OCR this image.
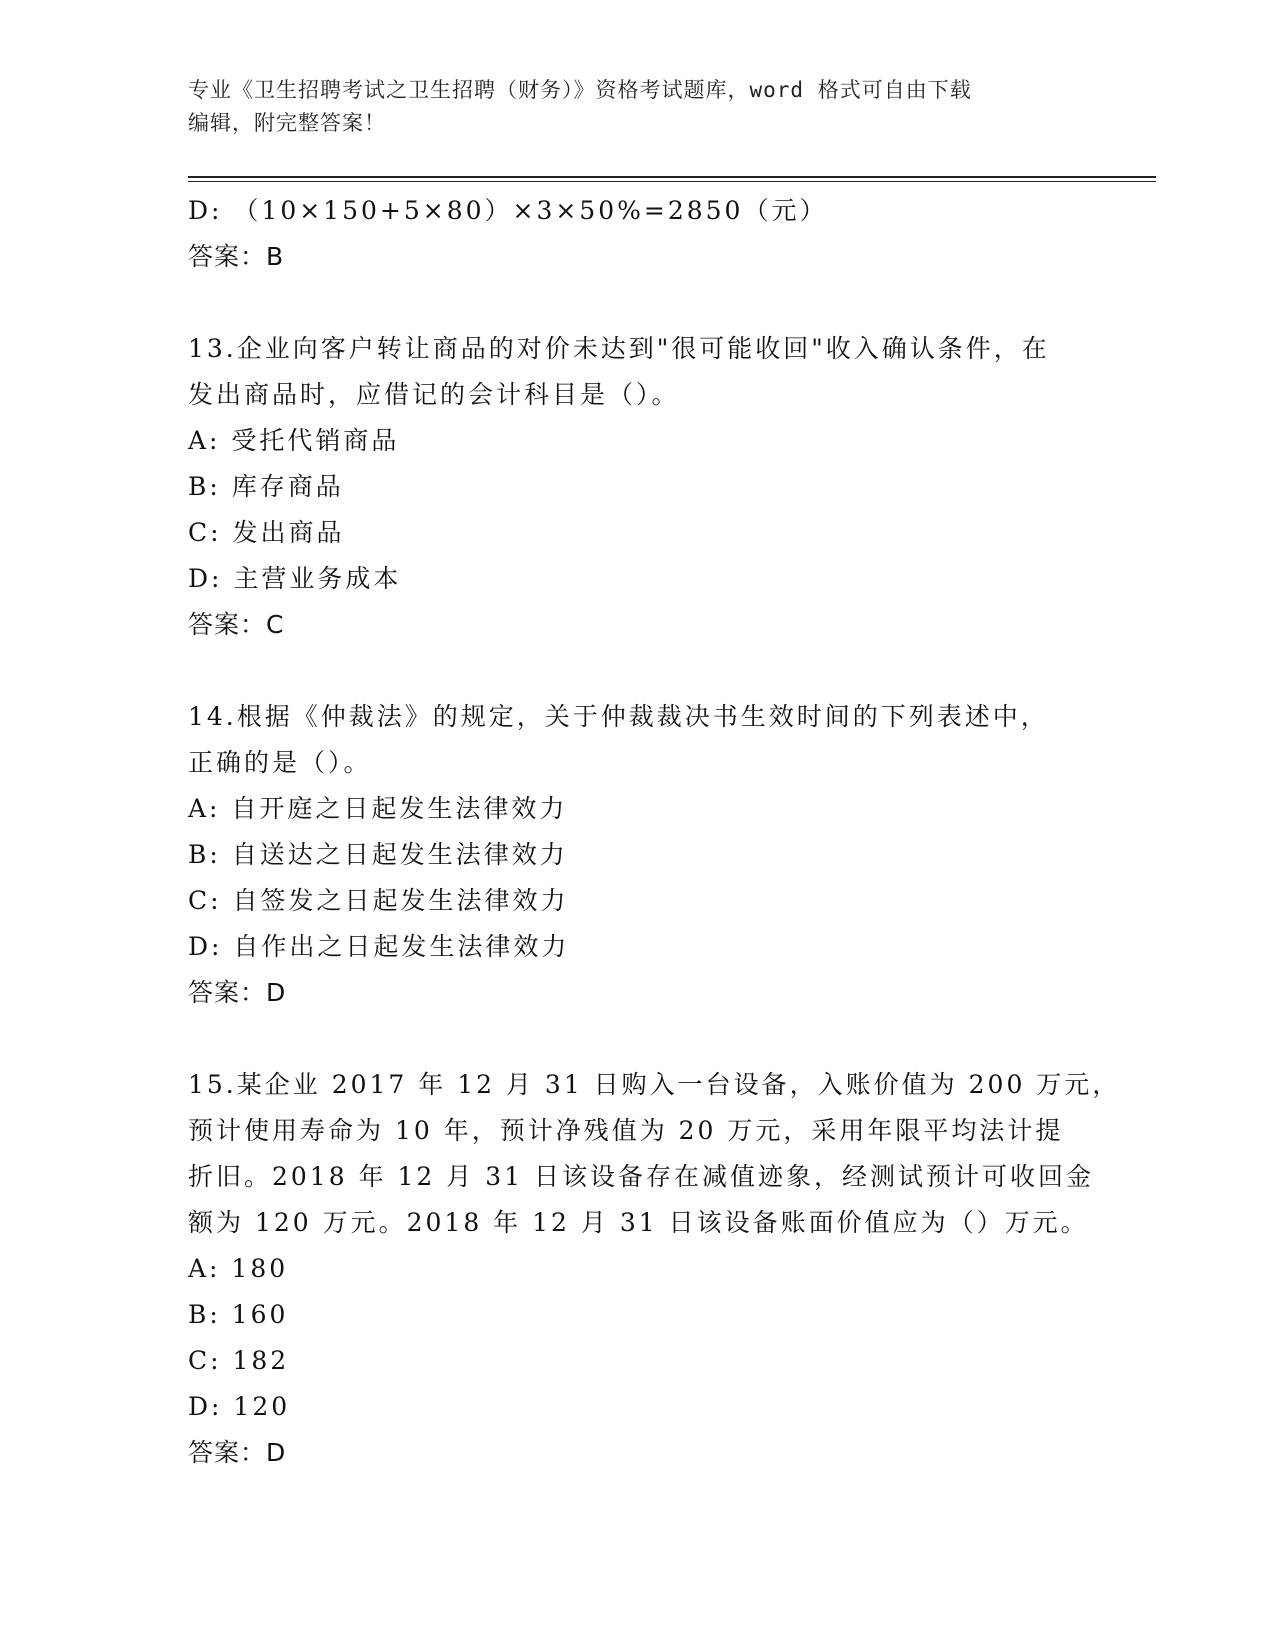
专业《卫生招聘考试之卫生招聘（财务）》资格考试题库，word 格式可自由下载
编辑，附完整答案！
D: （10×150+5×80）×3×50%=2850（元）
答案：B
13.企业向客户转让商品的对价未达到"很可能收回"收入确认条件，在
发出商品时，应借记的会计科目是（）。
A: 受托代销商品
B: 库存商品
C: 发出商品
D: 主营业务成本
答案：C
14.根据《仲裁法》的规定，关于仲裁裁决书生效时间的下列表述中，
正确的是（）。
A: 自开庭之日起发生法律效力
B: 自送达之日起发生法律效力
C: 自签发之日起发生法律效力
D: 自作出之日起发生法律效力
答案：D
15.某企业 2017 年 12 月 31 日购入一台设备，入账价值为 200 万元，
预计使用寿命为 10 年，预计净残值为 20 万元，采用年限平均法计提
折旧。2018 年 12 月 31 日该设备存在减值迹象，经测试预计可收回金
额为 120 万元。2018 年 12 月 31 日该设备账面价值应为（）万元。
A: 180
B: 160
C: 182
D: 120
答案：D
